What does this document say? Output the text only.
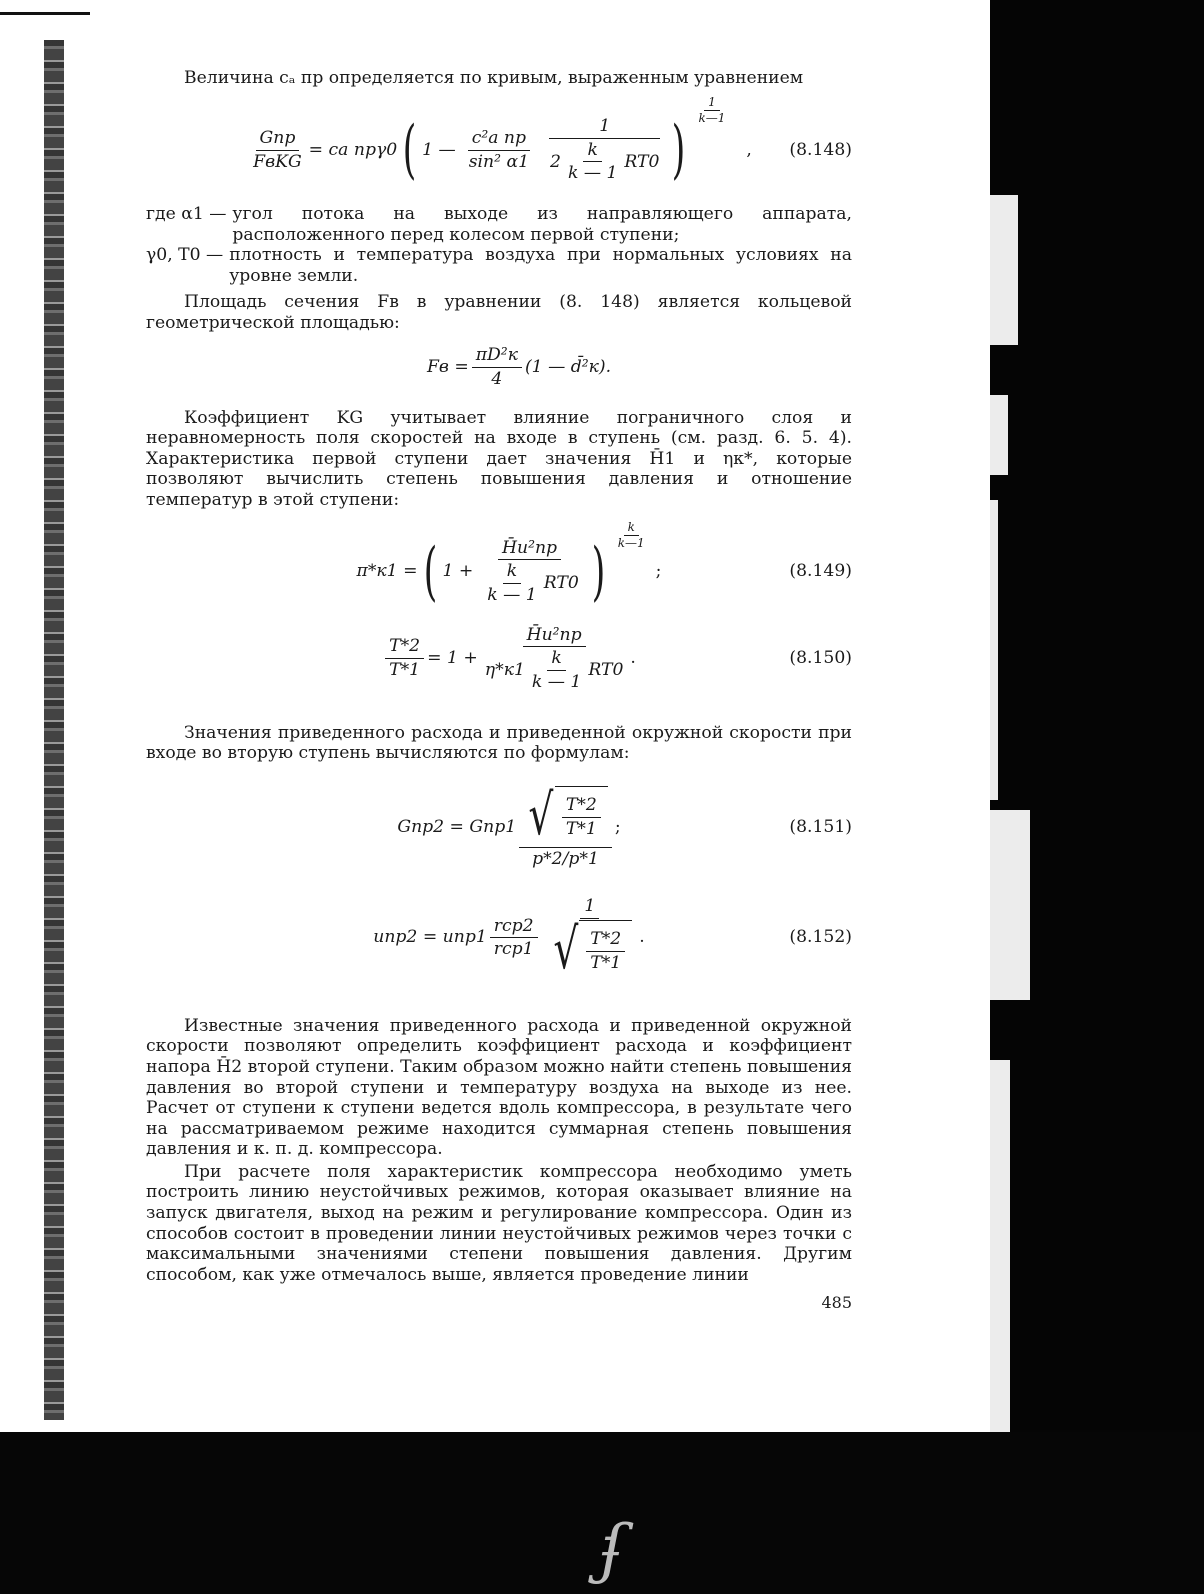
ʄ

Величина cₐ пр определяется по кривым, выраженным уравнением

$\frac{\text{Gпр}}{\text{FвKG}}$ = cа прγ0 ( 1 — $\frac{\text{c²а пр}}{\text{sin² α1}} \frac{1}{2 \frac{k}{k — 1} RT0}$ )
$\frac{1}{k—1}$
, (8.148)
где α1 — угол потока на выходе из направляющего аппарата, расположенного перед колесом первой ступени;
γ0, T0 — плотность и температура воздуха при нормальных условиях на уровне земли.

Площадь сечения Fв в уравнении (8. 148) является кольцевой геометрической площадью:

Fв = $\frac{\text{πD²к}}{4} (1$ — d̄²к).

Коэффициент KG учитывает влияние пограничного слоя и неравномерность поля скоростей на входе в ступень (см. разд. 6. 5. 4). Характеристика первой ступени дает значения H̄1 и ηк*, которые позволяют вычислить степень повышения давления и отношение температур в этой ступени:

π*к1 = ( $1 + \frac{\text{H̄u²пр}}{\frac{k}{k — 1} RT0}$ ) $\frac{k}{k—1}$
;	(8.149)
$\frac{T*2}{T*1} = 1$ +
H̄u²пр
$\eta*к1 \frac{k}{k — 1} RT0$
.	(8.150)

Значения приведенного расхода и приведенной окружной скорости при входе во вторую ступень вычисляются по формулам:

Gпр2 = Gпр1 √ $\frac{T*2}{T*1}$
p*2/p*1
;	(8.151)
$uпр2 = uпр1 \frac{\text{rср2}}{\text{rср1}}$
1
√ $\frac{T*2}{T*1}$ .	(8.152)

Известные значения приведенного расхода и приведенной окружной скорости позволяют определить коэффициент расхода и коэффициент напора H̄2 второй ступени. Таким образом можно найти степень повышения давления во второй ступени и температуру воздуха на выходе из нее. Расчет от ступени к ступени ведется вдоль компрессора, в результате чего на рассматриваемом режиме находится суммарная степень повышения давления и к. п. д. компрессора.

При расчете поля характеристик компрессора необходимо уметь построить линию неустойчивых режимов, которая оказывает влияние на запуск двигателя, выход на режим и регулирование компрессора. Один из способов состоит в проведении линии неустойчивых режимов через точки с максимальными значениями степени повышения давления. Другим способом, как уже отмечалось выше, является проведение линии

485
